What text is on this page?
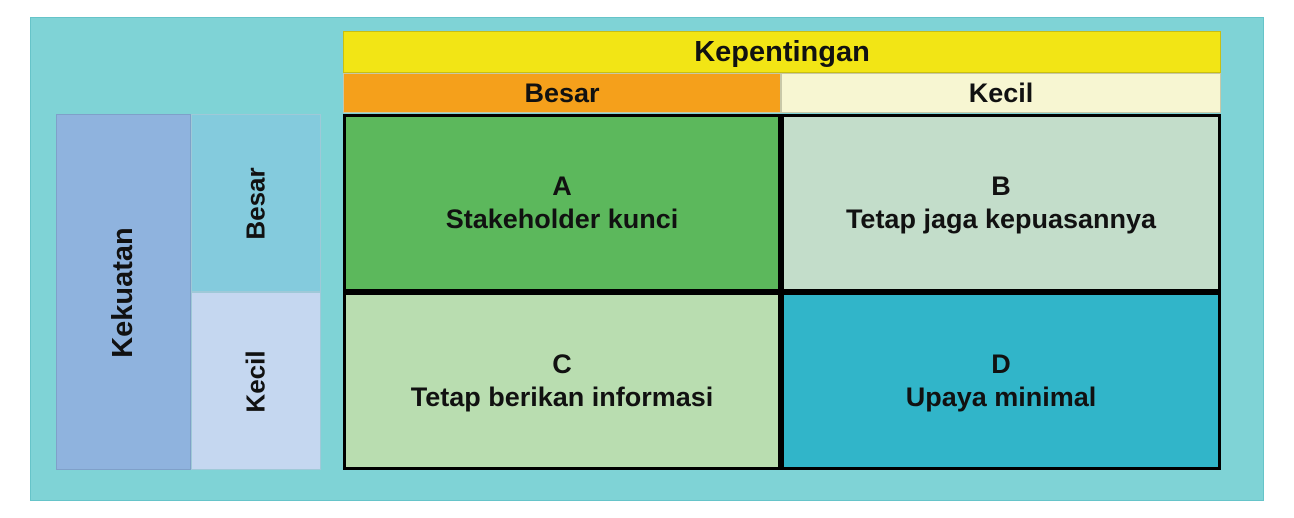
Kepentingan
Besar	Kecil
Kekuatan
Besar
Kecil
A
Stakeholder kunci
B
Tetap jaga kepuasannya
C
Tetap berikan informasi
D
Upaya minimal
